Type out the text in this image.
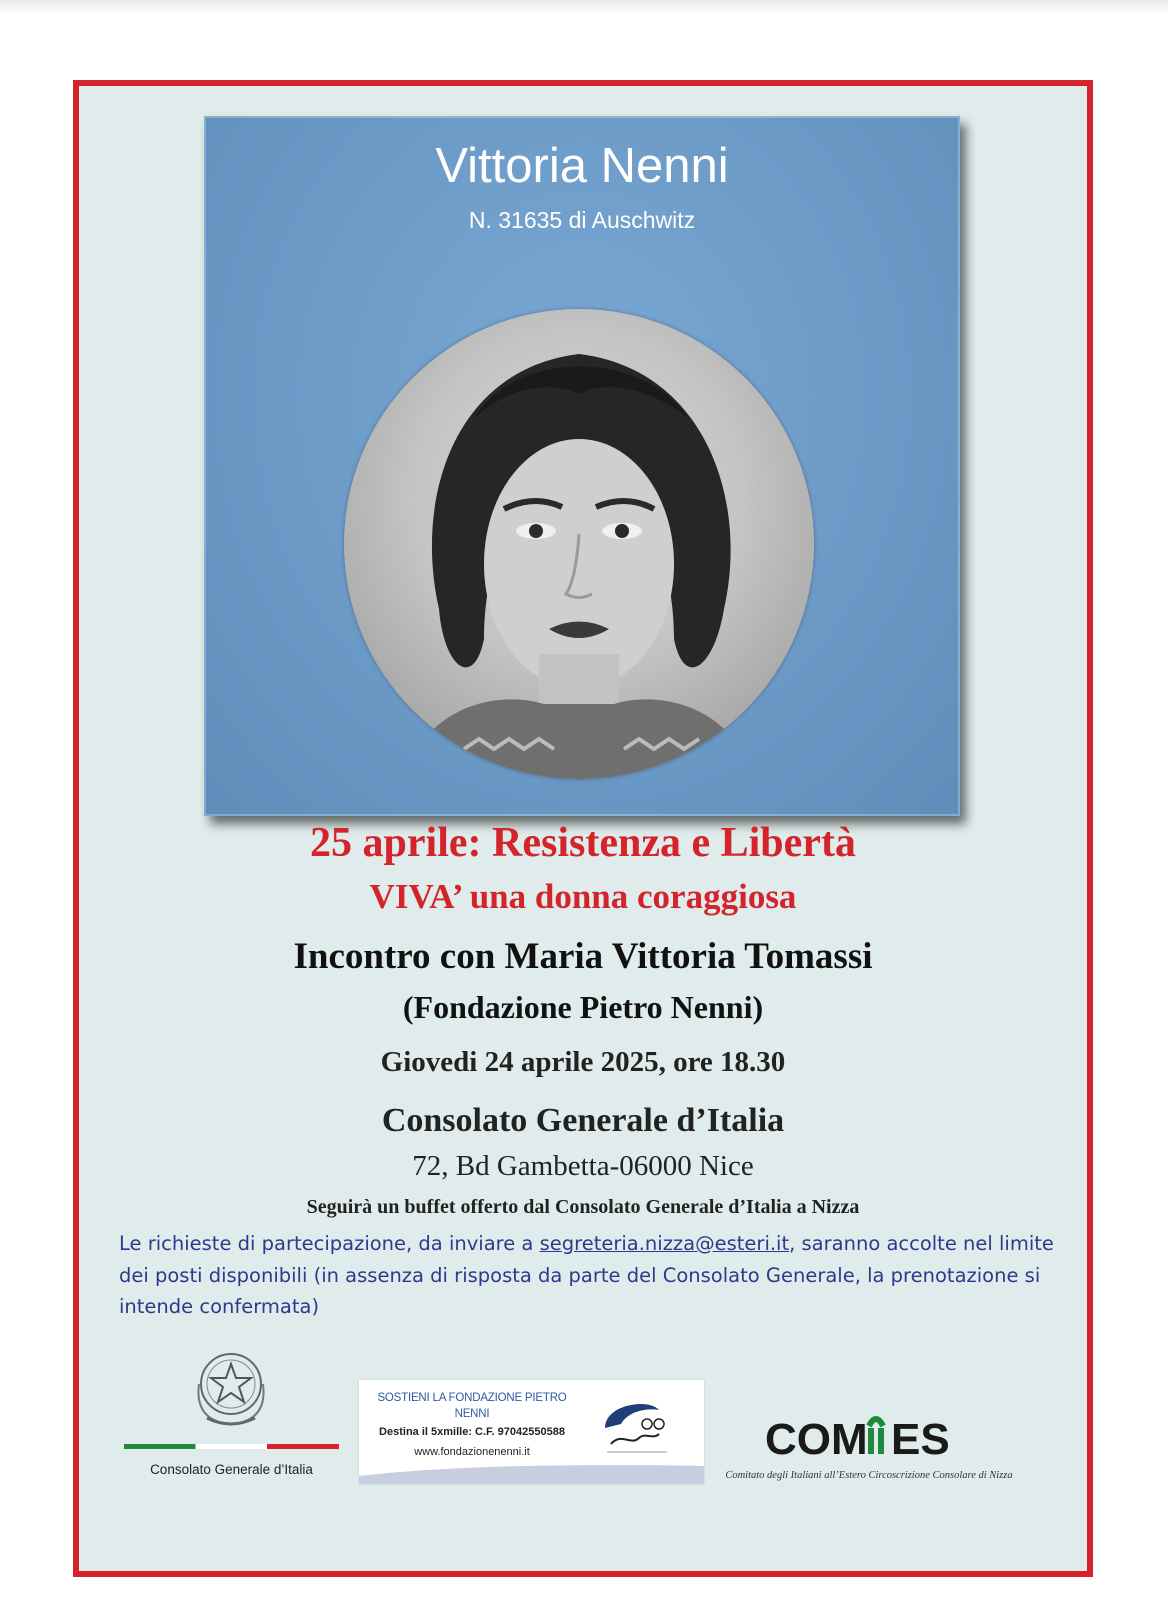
Vittoria Nenni
N. 31635 di Auschwitz
25 aprile: Resistenza e Libertà
VIVA’ una donna coraggiosa
Incontro con Maria Vittoria Tomassi
(Fondazione Pietro Nenni)
Giovedi 24 aprile 2025, ore 18.30
Consolato Generale d’Italia
72, Bd Gambetta-06000 Nice
Seguirà un buffet offerto dal Consolato Generale d’Italia a Nizza
Le richieste di partecipazione, da inviare a segreteria.nizza@esteri.it, saranno accolte nel limite dei posti disponibili (in assenza di risposta da parte del Consolato Generale, la prenotazione si intende confermata)
Consolato Generale d’Italia
SOSTIENI LA FONDAZIONE PIETRO NENNI
Destina il 5xmille: C.F. 97042550588
www.fondazionenenni.it	COM ES
Comitato degli Italiani all’Estero Circoscrizione Consolare di Nizza
